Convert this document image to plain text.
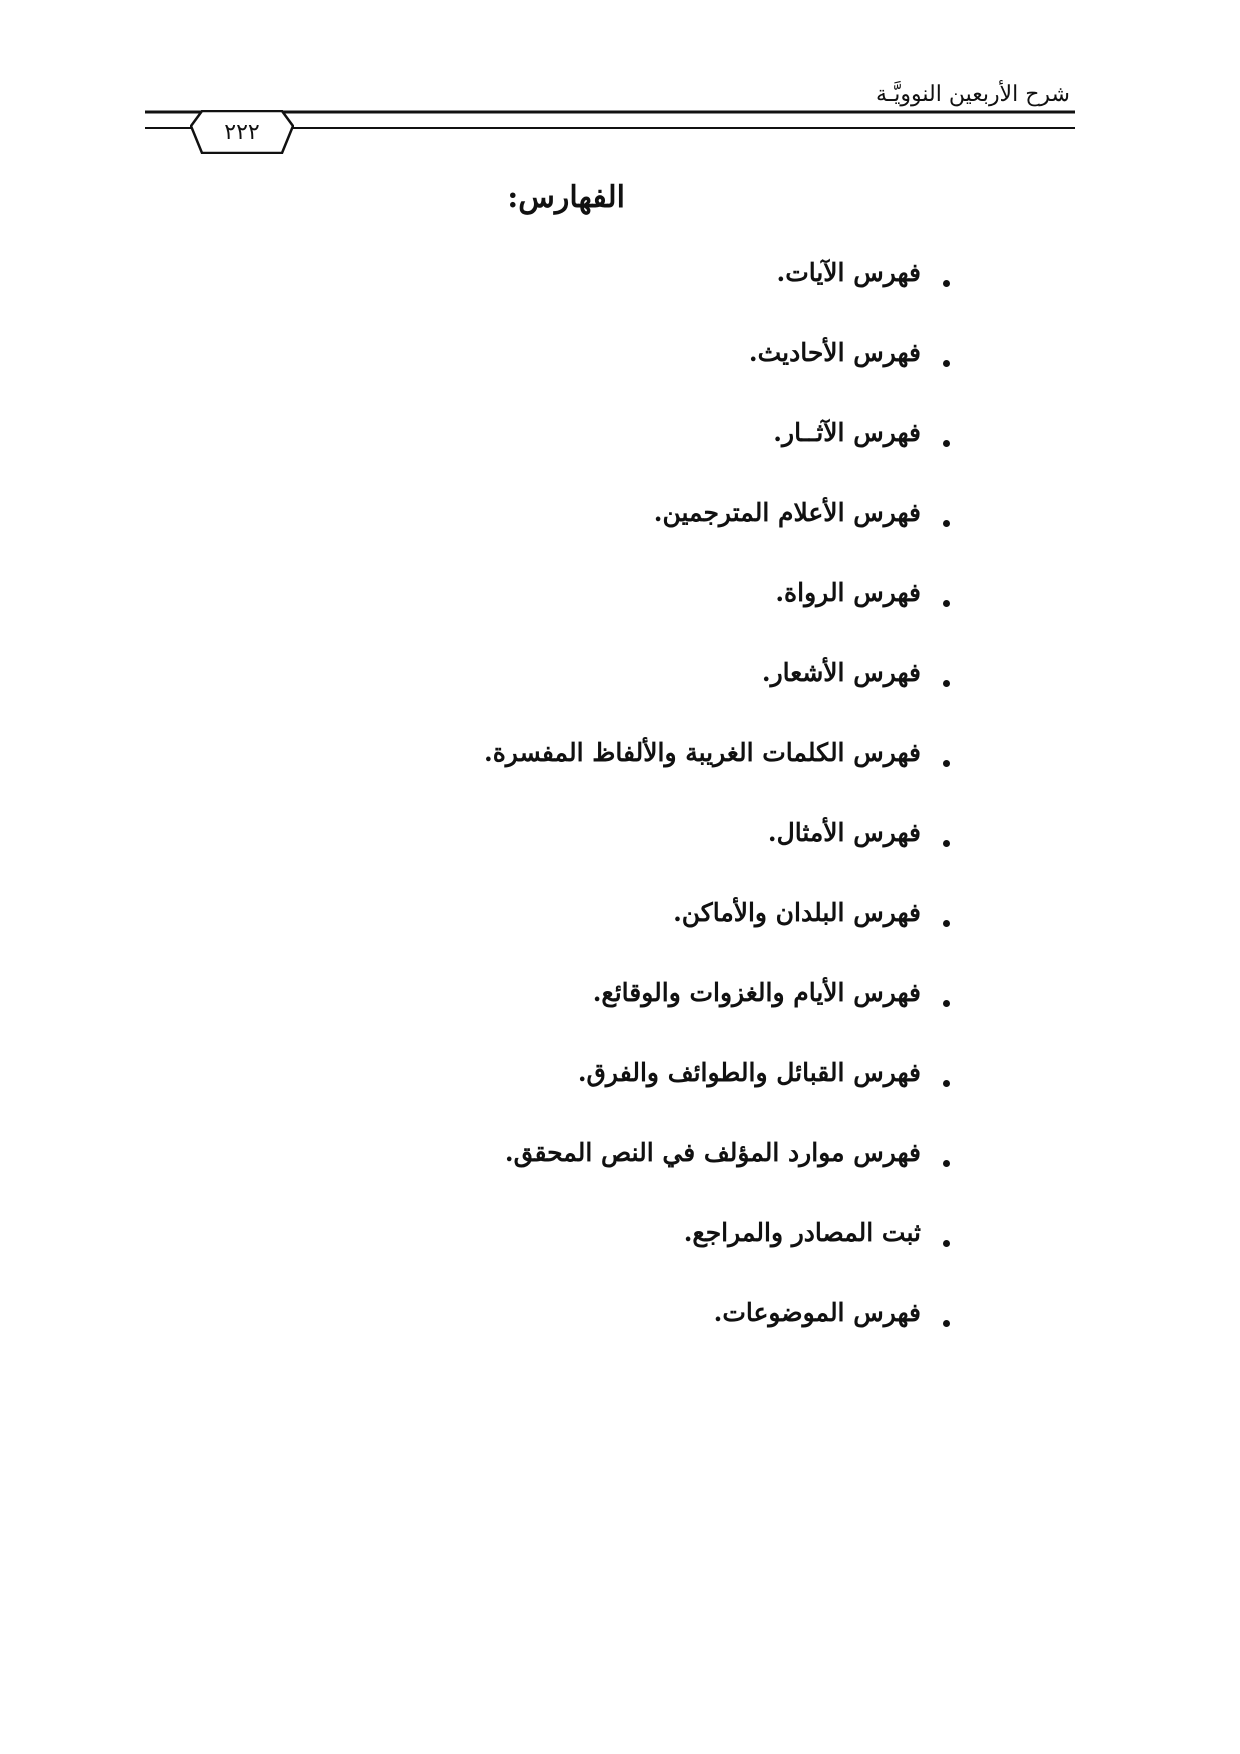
شرح الأربعين النوويَّـة
٢٢٢
الفهارس:
فهرس الآيات.
فهرس الأحاديث.
فهرس الآثــار.
فهرس الأعلام المترجمين.
فهرس الرواة.
فهرس الأشعار.
فهرس الكلمات الغريبة والألفاظ المفسرة.
فهرس الأمثال.
فهرس البلدان والأماكن.
فهرس الأيام والغزوات والوقائع.
فهرس القبائل والطوائف والفرق.
فهرس موارد المؤلف في النص المحقق.
ثبت المصادر والمراجع.
فهرس الموضوعات.
